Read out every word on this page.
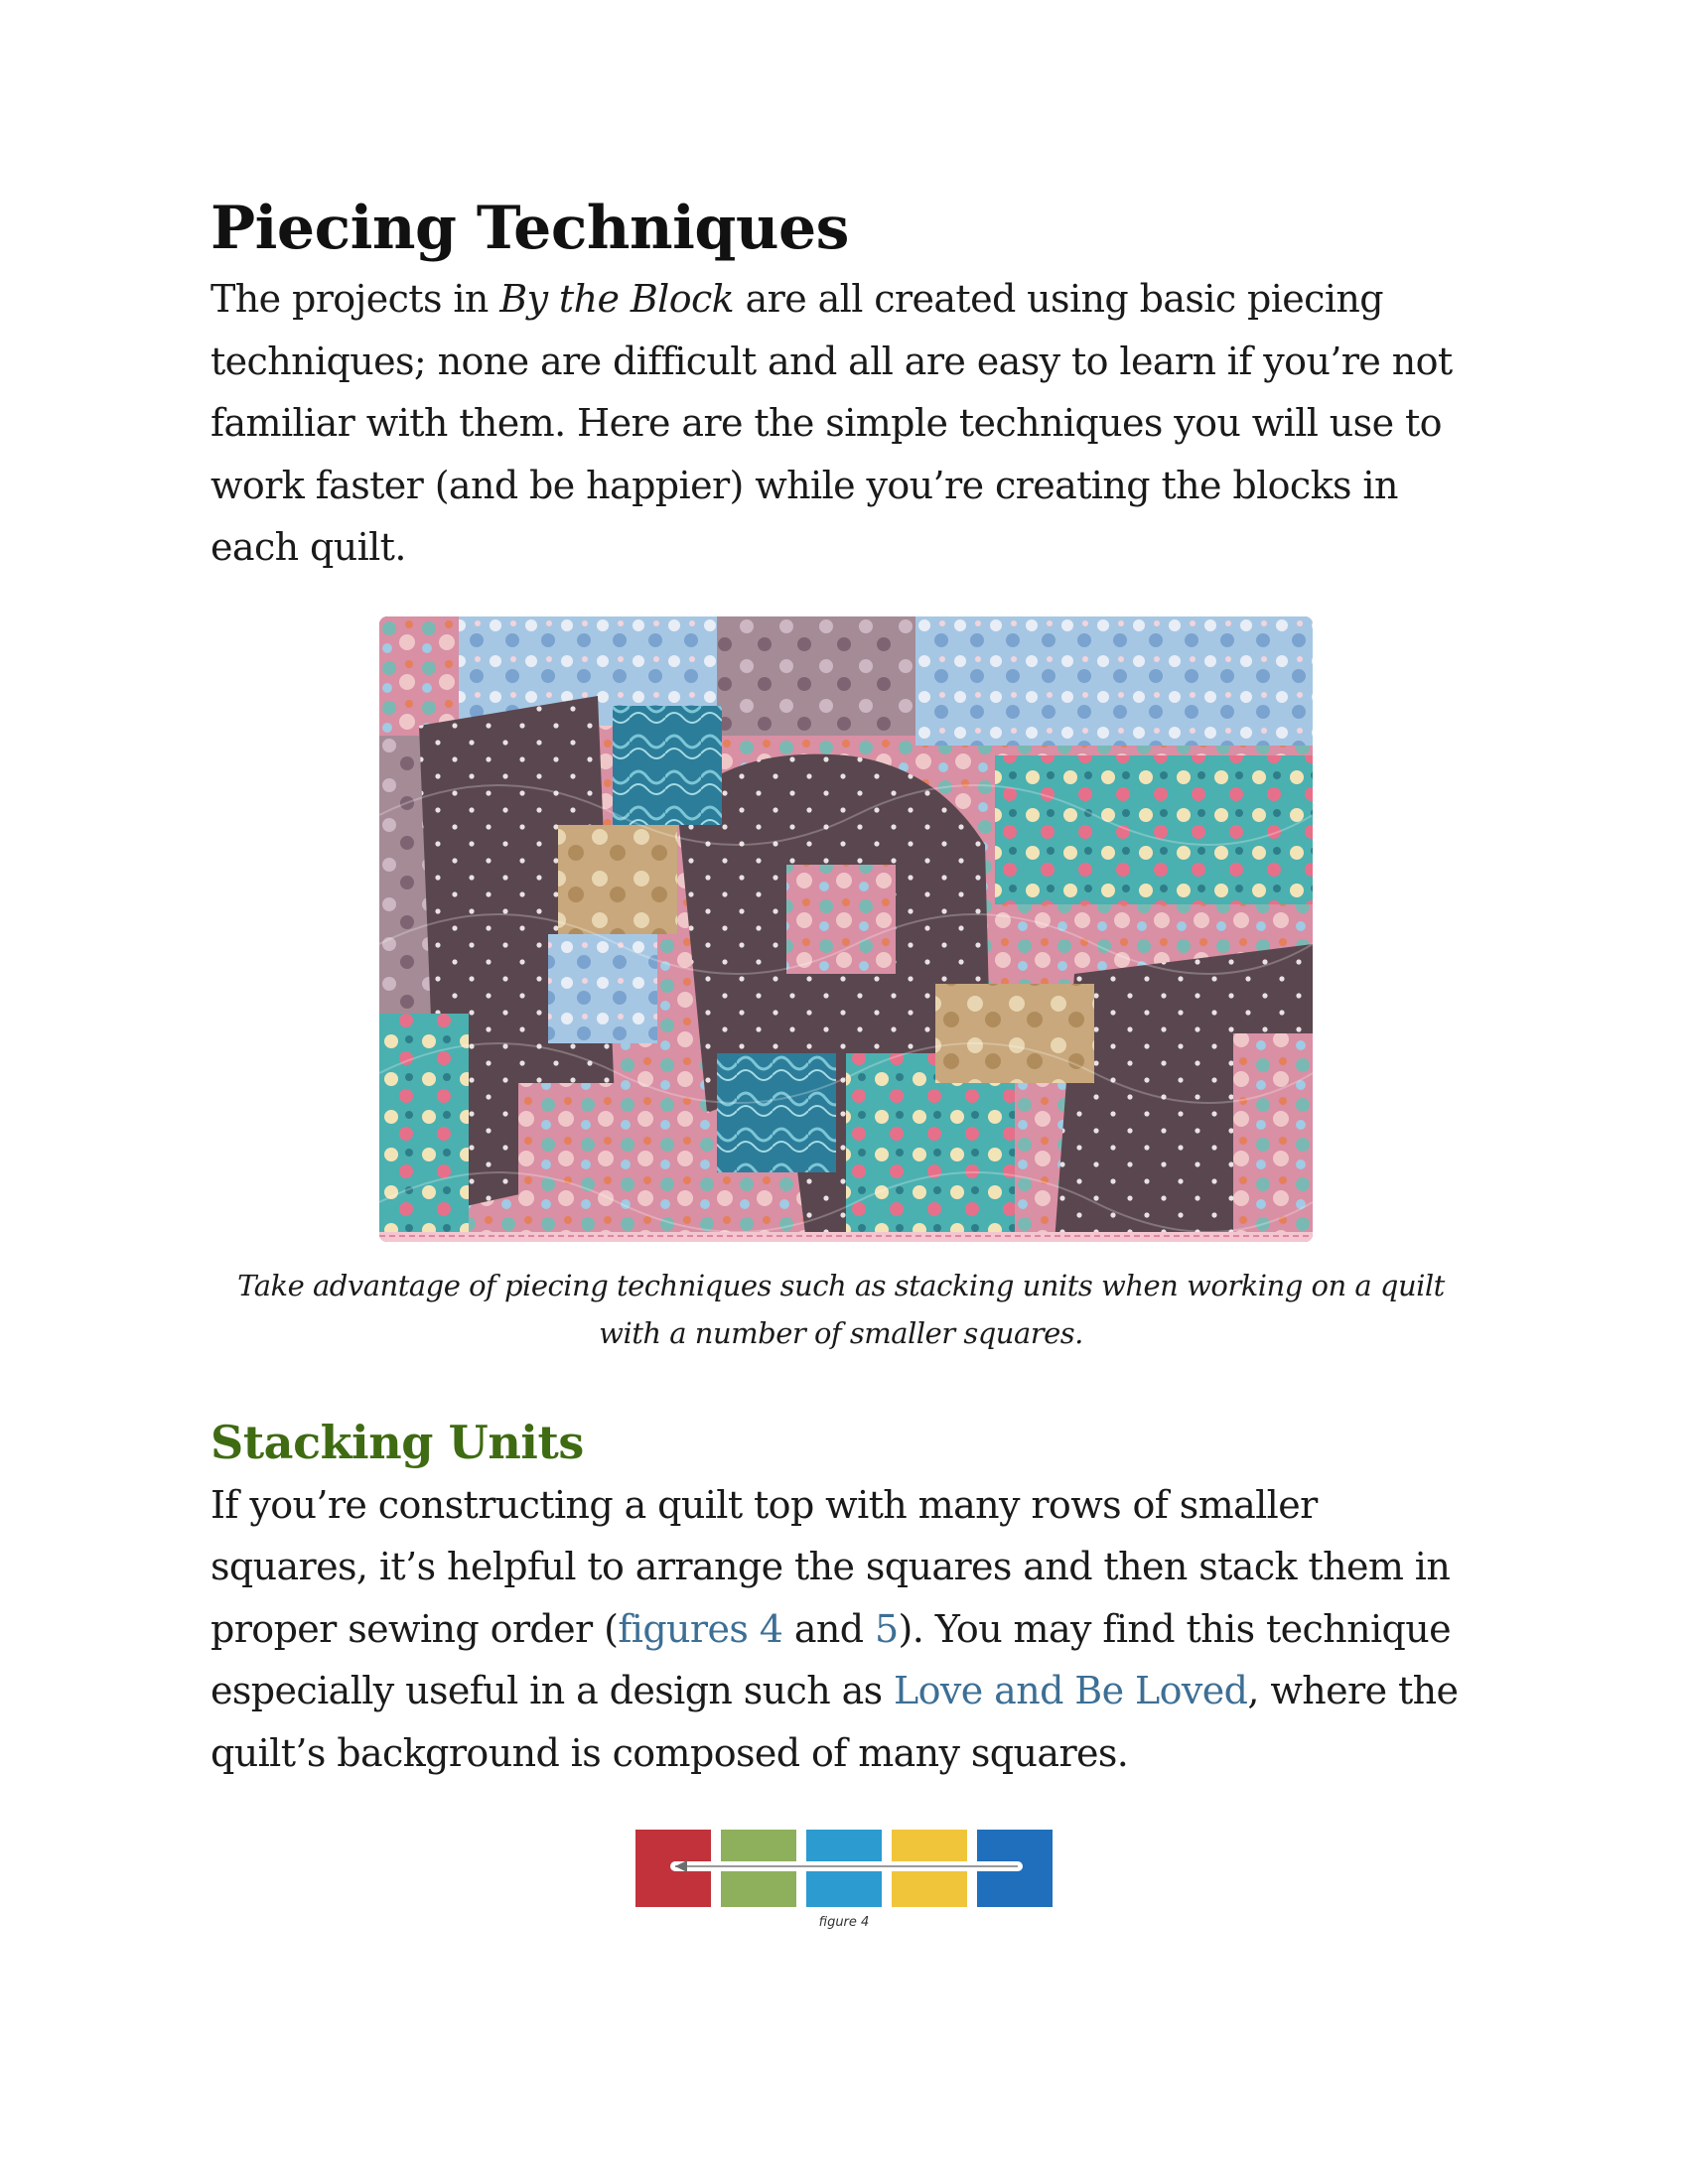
Piecing Techniques

The projects in By the Block are all created using basic piecing techniques; none are difficult and all are easy to learn if you’re not familiar with them. Here are the simple techniques you will use to work faster (and be happier) while you’re creating the blocks in each quilt.

Take advantage of piecing techniques such as stacking units when working on a quilt with a number of smaller squares.

Stacking Units

If you’re constructing a quilt top with many rows of smaller squares, it’s helpful to arrange the squares and then stack them in proper sewing order (figures 4 and 5). You may find this technique especially useful in a design such as Love and Be Loved, where the quilt’s background is composed of many squares.

figure 4
